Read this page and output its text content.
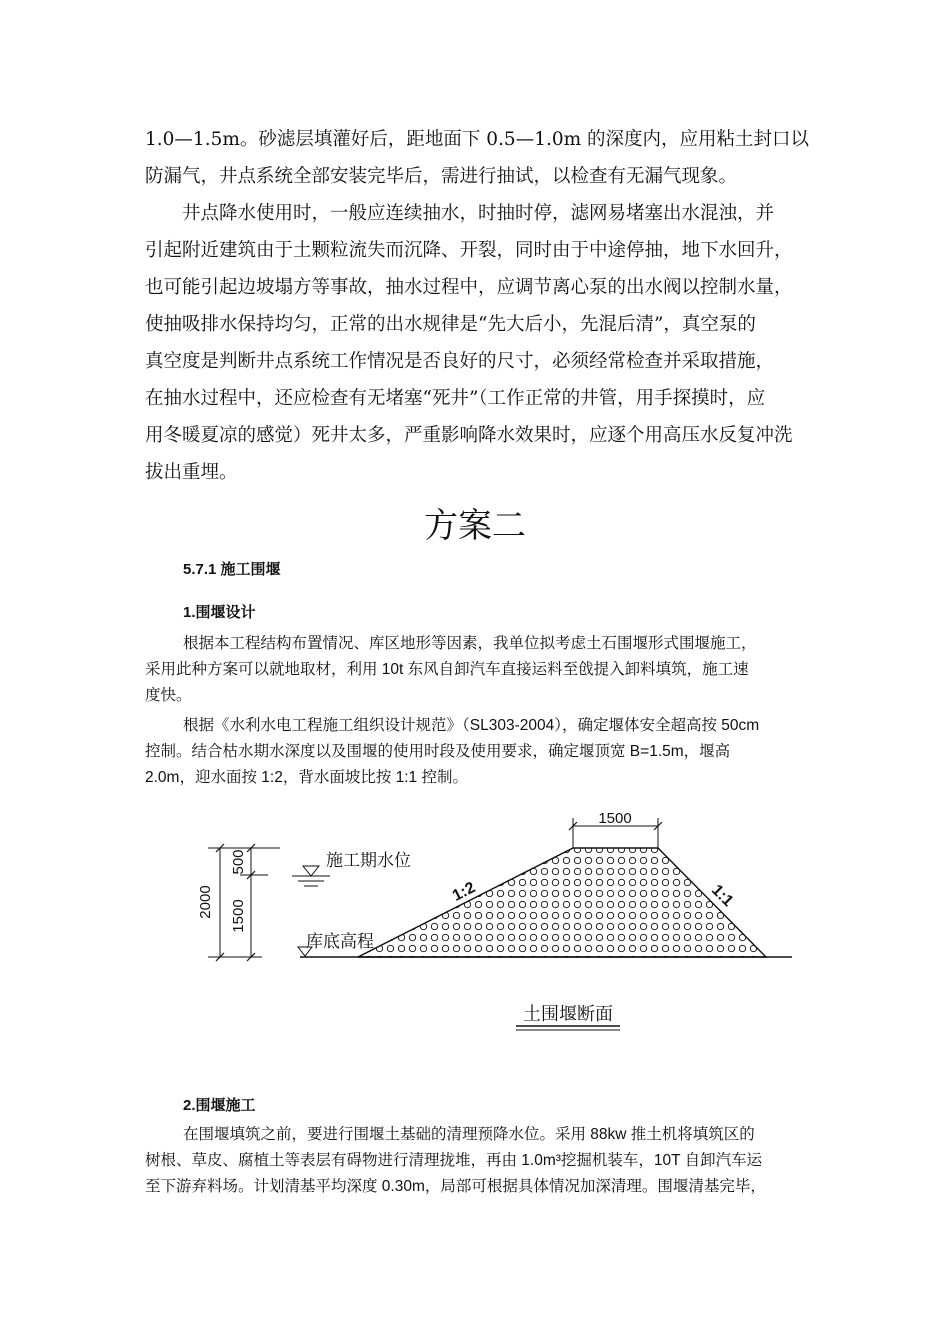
1.0—1.5m。砂滤层填灌好后，距地面下 0.5—1.0m 的深度内，应用粘土封口以
防漏气，井点系统全部安装完毕后，需进行抽试，以检查有无漏气现象。
井点降水使用时，一般应连续抽水，时抽时停，滤网易堵塞出水混浊，并
引起附近建筑由于土颗粒流失而沉降、开裂，同时由于中途停抽，地下水回升，
也可能引起边坡塌方等事故，抽水过程中，应调节离心泵的出水阀以控制水量，
使抽吸排水保持均匀，正常的出水规律是“先大后小，先混后清”，真空泵的
真空度是判断井点系统工作情况是否良好的尺寸，必须经常检查并采取措施，
在抽水过程中，还应检查有无堵塞“死井”（工作正常的井管，用手探摸时，应
用冬暖夏凉的感觉）死井太多，严重影响降水效果时，应逐个用高压水反复冲洗
拔出重埋。
方案二
5.7.1 施工围堰
1.围堰设计
根据本工程结构布置情况、库区地形等因素，我单位拟考虑土石围堰形式围堰施工，
采用此种方案可以就地取材，利用 10t 东风自卸汽车直接运料至戗提入卸料填筑，施工速
度快。
根据《水利水电工程施工组织设计规范》（SL303-2004），确定堰体安全超高按 50cm
控制。结合枯水期水深度以及围堰的使用时段及使用要求，确定堰顶宽 B=1.5m，堰高
2.0m，迎水面按 1:2，背水面坡比按 1:1 控制。
1500
2000
500
1500
施工期水位
库底高程
1:2	1:1
土围堰断面
2.围堰施工
在围堰填筑之前，要进行围堰土基础的清理预降水位。采用 88kw 推土机将填筑区的
树根、草皮、腐植土等表层有碍物进行清理拢堆，再由 1.0m³挖掘机装车，10T 自卸汽车运
至下游弃料场。计划清基平均深度 0.30m，局部可根据具体情况加深清理。围堰清基完毕，
